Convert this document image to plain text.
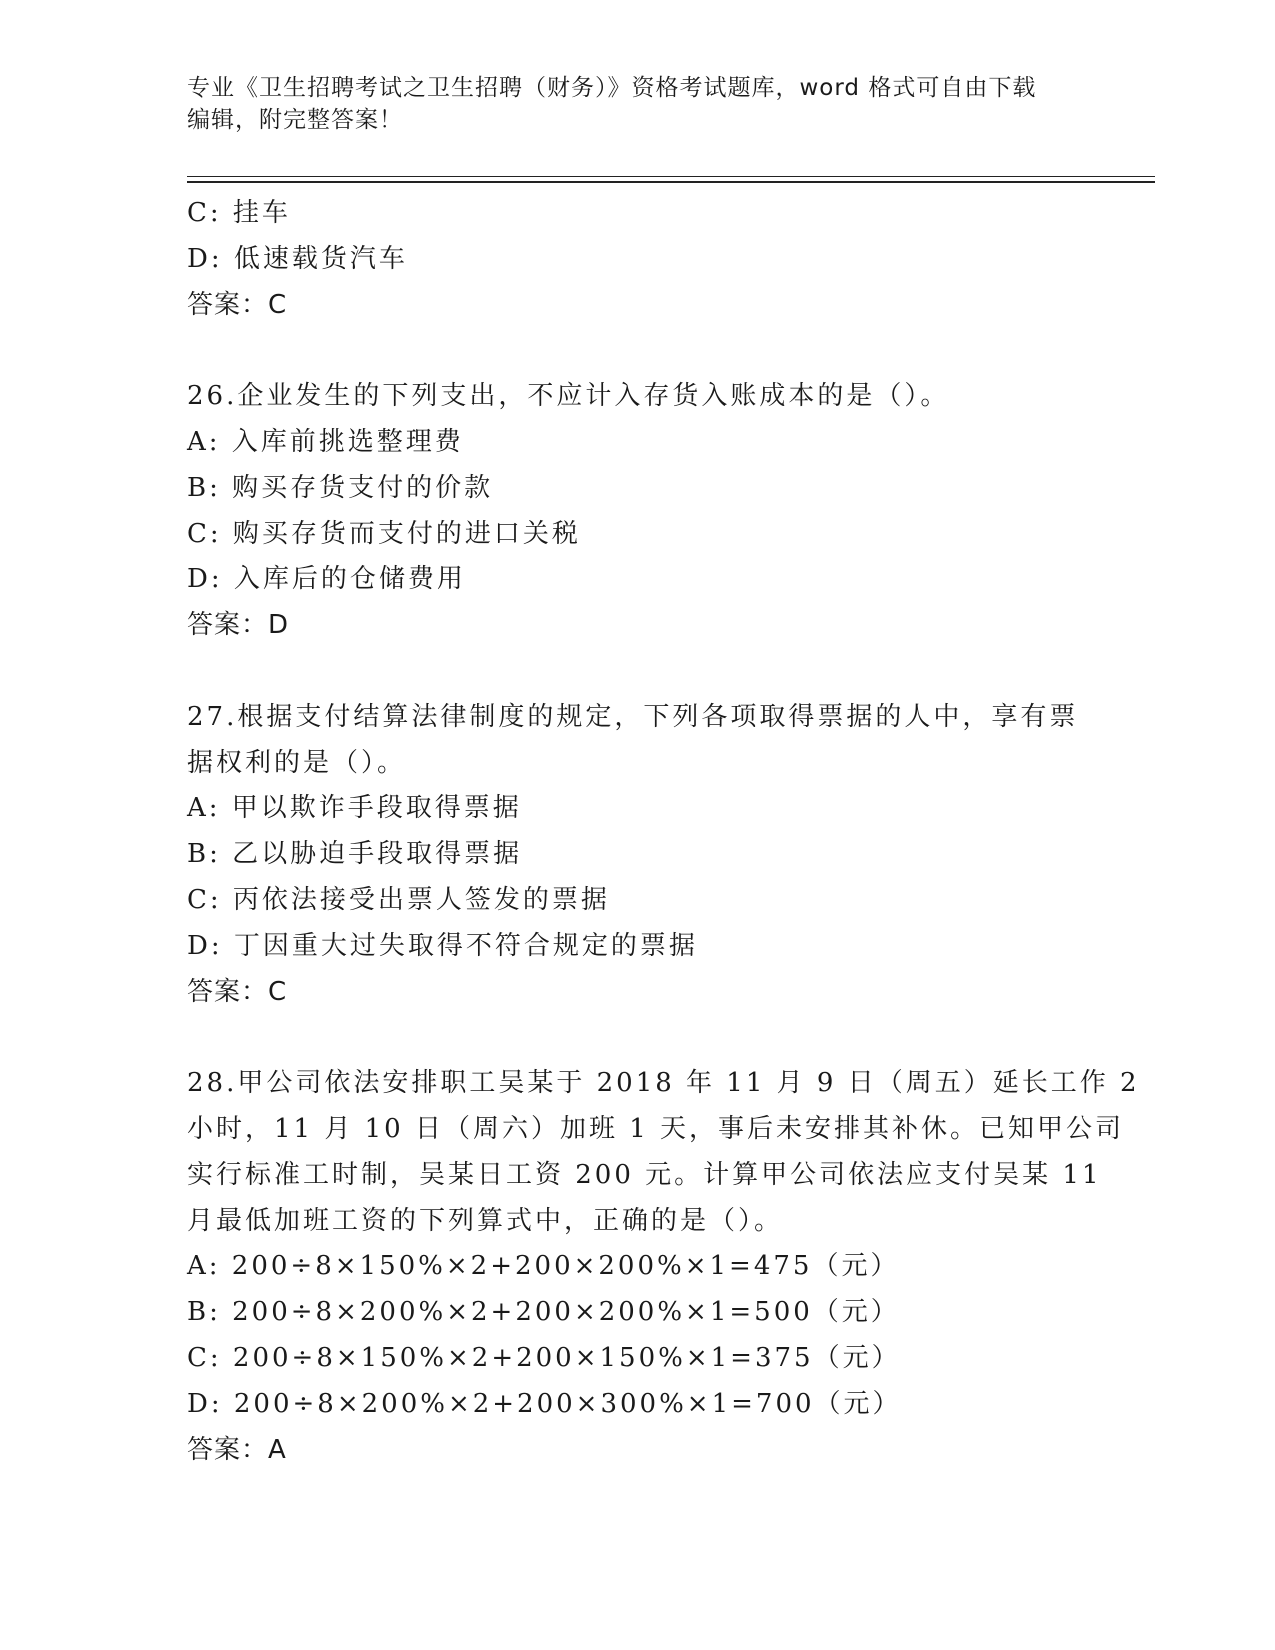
专业《卫生招聘考试之卫生招聘（财务）》资格考试题库，word 格式可自由下载
编辑，附完整答案！
C: 挂车
D: 低速载货汽车
答案：C
26.企业发生的下列支出，不应计入存货入账成本的是（）。
A: 入库前挑选整理费
B: 购买存货支付的价款
C: 购买存货而支付的进口关税
D: 入库后的仓储费用
答案：D
27.根据支付结算法律制度的规定，下列各项取得票据的人中，享有票
据权利的是（）。
A: 甲以欺诈手段取得票据
B: 乙以胁迫手段取得票据
C: 丙依法接受出票人签发的票据
D: 丁因重大过失取得不符合规定的票据
答案：C
28.甲公司依法安排职工吴某于 2018 年 11 月 9 日（周五）延长工作 2
小时，11 月 10 日（周六）加班 1 天，事后未安排其补休。已知甲公司
实行标准工时制，吴某日工资 200 元。计算甲公司依法应支付吴某 11
月最低加班工资的下列算式中，正确的是（）。
A: 200÷8×150%×2+200×200%×1=475（元）
B: 200÷8×200%×2+200×200%×1=500（元）
C: 200÷8×150%×2+200×150%×1=375（元）
D: 200÷8×200%×2+200×300%×1=700（元）
答案：A
